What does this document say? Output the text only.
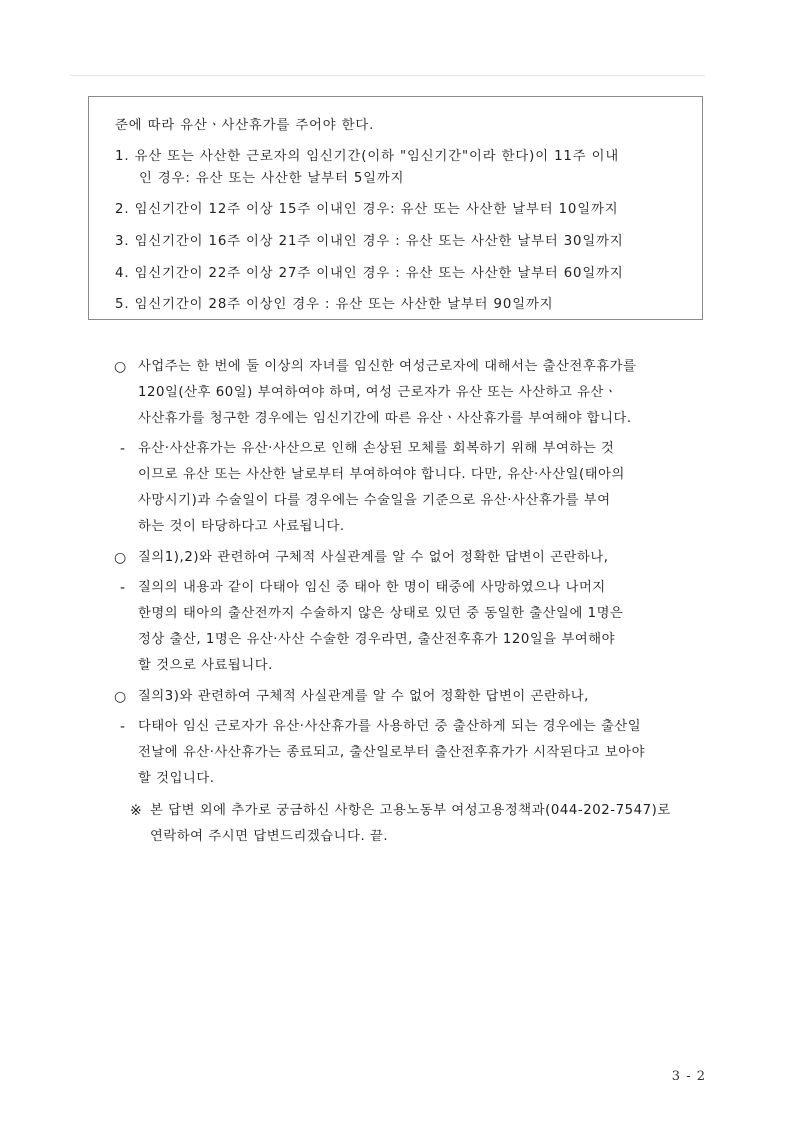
준에 따라 유산ㆍ사산휴가를 주어야 한다.
1. 유산 또는 사산한 근로자의 임신기간(이하 "임신기간"이라 한다)이 11주 이내
인 경우: 유산 또는 사산한 날부터 5일까지
2. 임신기간이 12주 이상 15주 이내인 경우: 유산 또는 사산한 날부터 10일까지
3. 임신기간이 16주 이상 21주 이내인 경우 : 유산 또는 사산한 날부터 30일까지
4. 임신기간이 22주 이상 27주 이내인 경우 : 유산 또는 사산한 날부터 60일까지
5. 임신기간이 28주 이상인 경우 : 유산 또는 사산한 날부터 90일까지
○ 사업주는 한 번에 둘 이상의 자녀를 임신한 여성근로자에 대해서는 출산전후휴가를
120일(산후 60일) 부여하여야 하며, 여성 근로자가 유산 또는 사산하고 유산ㆍ
사산휴가를 청구한 경우에는 임신기간에 따른 유산ㆍ사산휴가를 부여해야 합니다.
- 유산·사산휴가는 유산·사산으로 인해 손상된 모체를 회복하기 위해 부여하는 것
이므로 유산 또는 사산한 날로부터 부여하여야 합니다. 다만, 유산·사산일(태아의
사망시기)과 수술일이 다를 경우에는 수술일을 기준으로 유산·사산휴가를 부여
하는 것이 타당하다고 사료됩니다.
○ 질의1),2)와 관련하여 구체적 사실관계를 알 수 없어 정확한 답변이 곤란하나,
- 질의의 내용과 같이 다태아 임신 중 태아 한 명이 태중에 사망하였으나 나머지
한명의 태아의 출산전까지 수술하지 않은 상태로 있던 중 동일한 출산일에 1명은
정상 출산, 1명은 유산·사산 수술한 경우라면, 출산전후휴가 120일을 부여해야
할 것으로 사료됩니다.
○ 질의3)와 관련하여 구체적 사실관계를 알 수 없어 정확한 답변이 곤란하나,
- 다태아 임신 근로자가 유산·사산휴가를 사용하던 중 출산하게 되는 경우에는 출산일
전날에 유산·사산휴가는 종료되고, 출산일로부터 출산전후휴가가 시작된다고 보아야
할 것입니다.
※ 본 답변 외에 추가로 궁금하신 사항은 고용노동부 여성고용정책과(044-202-7547)로
연락하여 주시면 답변드리겠습니다. 끝.
3 - 2
